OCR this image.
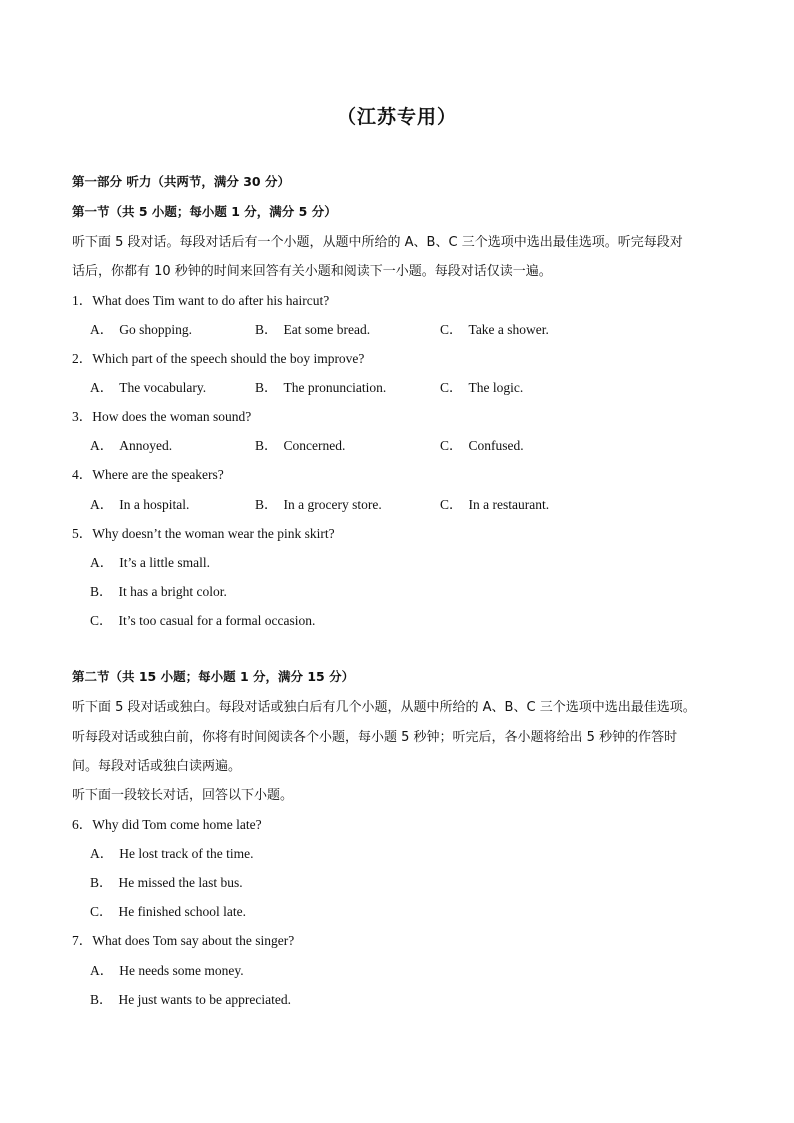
（江苏专用）
第一部分 听力（共两节，满分 30 分）
第一节（共 5 小题；每小题 1 分，满分 5 分）
听下面 5 段对话。每段对话后有一个小题，从题中所给的 A、B、C 三个选项中选出最佳选项。听完每段对
话后，你都有 10 秒钟的时间来回答有关小题和阅读下一小题。每段对话仅读一遍。
1．What does Tim want to do after his haircut?
A． Go shopping.	B． Eat some bread.	C． Take a shower.
2．Which part of the speech should the boy improve?
A． The vocabulary.	B． The pronunciation.	C． The logic.
3．How does the woman sound?
A． Annoyed.	B． Concerned.	C． Confused.
4．Where are the speakers?
A． In a hospital.	B． In a grocery store.	C． In a restaurant.
5．Why doesn’t the woman wear the pink skirt?
A． It’s a little small.
B． It has a bright color.
C． It’s too casual for a formal occasion.
第二节（共 15 小题；每小题 1 分，满分 15 分）
听下面 5 段对话或独白。每段对话或独白后有几个小题，从题中所给的 A、B、C 三个选项中选出最佳选项。
听每段对话或独白前，你将有时间阅读各个小题，每小题 5 秒钟；听完后，各小题将给出 5 秒钟的作答时
间。每段对话或独白读两遍。
听下面一段较长对话，回答以下小题。
6．Why did Tom come home late?
A． He lost track of the time.
B． He missed the last bus.
C． He finished school late.
7．What does Tom say about the singer?
A． He needs some money.
B． He just wants to be appreciated.
